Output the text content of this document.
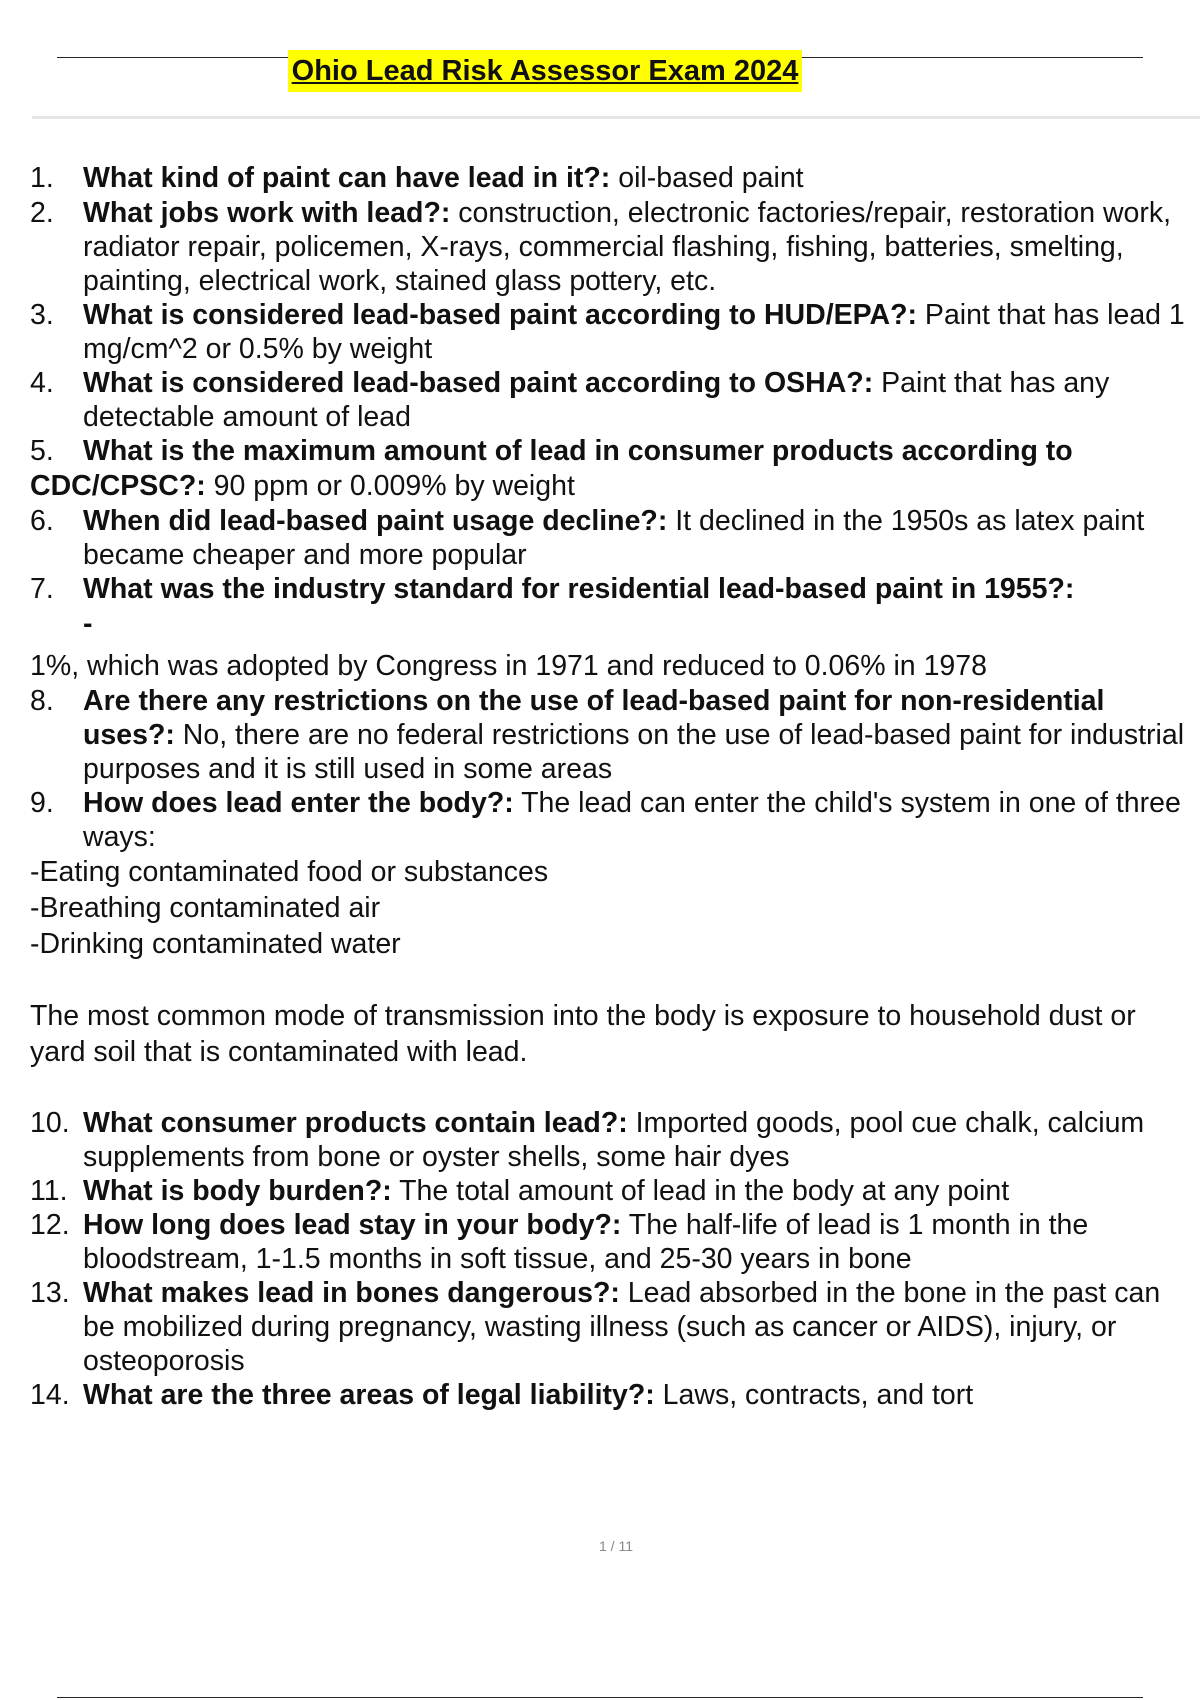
Ohio Lead Risk Assessor Exam 2024
1.	What kind of paint can have lead in it?: oil-based paint
2.	What jobs work with lead?: construction, electronic factories/repair, restoration work, radiator repair, policemen, X-rays, commercial flashing, fishing, batteries, smelting, painting, electrical work, stained glass pottery, etc.
3.	What is considered lead-based paint according to HUD/EPA?: Paint that has lead 1 mg/cm^2 or 0.5% by weight
4.	What is considered lead-based paint according to OSHA?: Paint that has any detectable amount of lead
5.	What is the maximum amount of lead in consumer products according to
CDC/CPSC?: 90 ppm or 0.009% by weight
6.	When did lead-based paint usage decline?: It declined in the 1950s as latex paint became cheaper and more popular
7.	What was the industry standard for residential lead-based paint in 1955?:
-
1%, which was adopted by Congress in 1971 and reduced to 0.06% in 1978
8.	Are there any restrictions on the use of lead-based paint for non-residential uses?: No, there are no federal restrictions on the use of lead-based paint for industrial purposes and it is still used in some areas
9.	How does lead enter the body?: The lead can enter the child's system in one of three ways:
-Eating contaminated food or substances
-Breathing contaminated air
-Drinking contaminated water
The most common mode of transmission into the body is exposure to household dust or yard soil that is contaminated with lead.
10. What consumer products contain lead?: Imported goods, pool cue chalk, calcium supplements from bone or oyster shells, some hair dyes
11. What is body burden?: The total amount of lead in the body at any point
12. How long does lead stay in your body?: The half-life of lead is 1 month in the bloodstream, 1-1.5 months in soft tissue, and 25-30 years in bone
13. What makes lead in bones dangerous?: Lead absorbed in the bone in the past can be mobilized during pregnancy, wasting illness (such as cancer or AIDS), injury, or osteoporosis
14. What are the three areas of legal liability?: Laws, contracts, and tort
1 / 11
